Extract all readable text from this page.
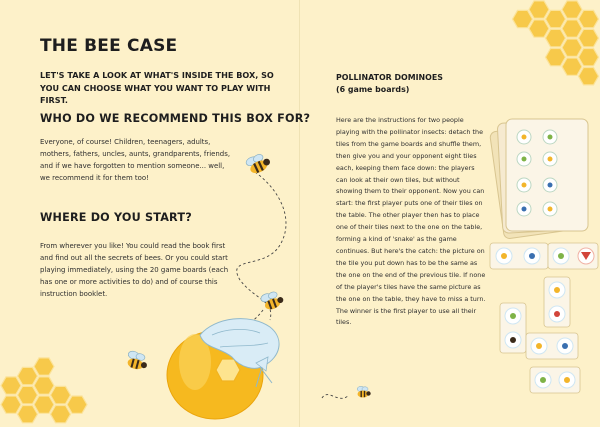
THE BEE CASE
LET'S TAKE A LOOK AT WHAT'S INSIDE THE BOX, SO YOU CAN CHOOSE WHAT YOU WANT TO PLAY WITH FIRST.
WHO DO WE RECOMMEND THIS BOX FOR?
Everyone, of course! Children, teenagers, adults, mothers, fathers, uncles, aunts, grandparents, friends, and if we have forgotten to mention someone... well, we recommend it for them too!
WHERE DO YOU START?
From wherever you like! You could read the book first and find out all the secrets of bees. Or you could start playing immediately, using the 20 game boards (each has one or more activities to do) and of course this instruction booklet.
POLLINATOR DOMINOES
(6 game boards)
Here are the instructions for two people playing with the pollinator insects: detach the tiles from the game boards and shuffle them, then give you and your opponent eight tiles each, keeping them face down: the players can look at their own tiles, but without showing them to their opponent. Now you can start: the first player puts one of their tiles on the table. The other player then has to place one of their tiles next to the one on the table, forming a kind of 'snake' as the game continues. But here's the catch: the picture on the tile you put down has to be the same as the one on the end of the previous tile. If none of the player's tiles have the same picture as the one on the table, they have to miss a turn. The winner is the first player to use all their tiles.
